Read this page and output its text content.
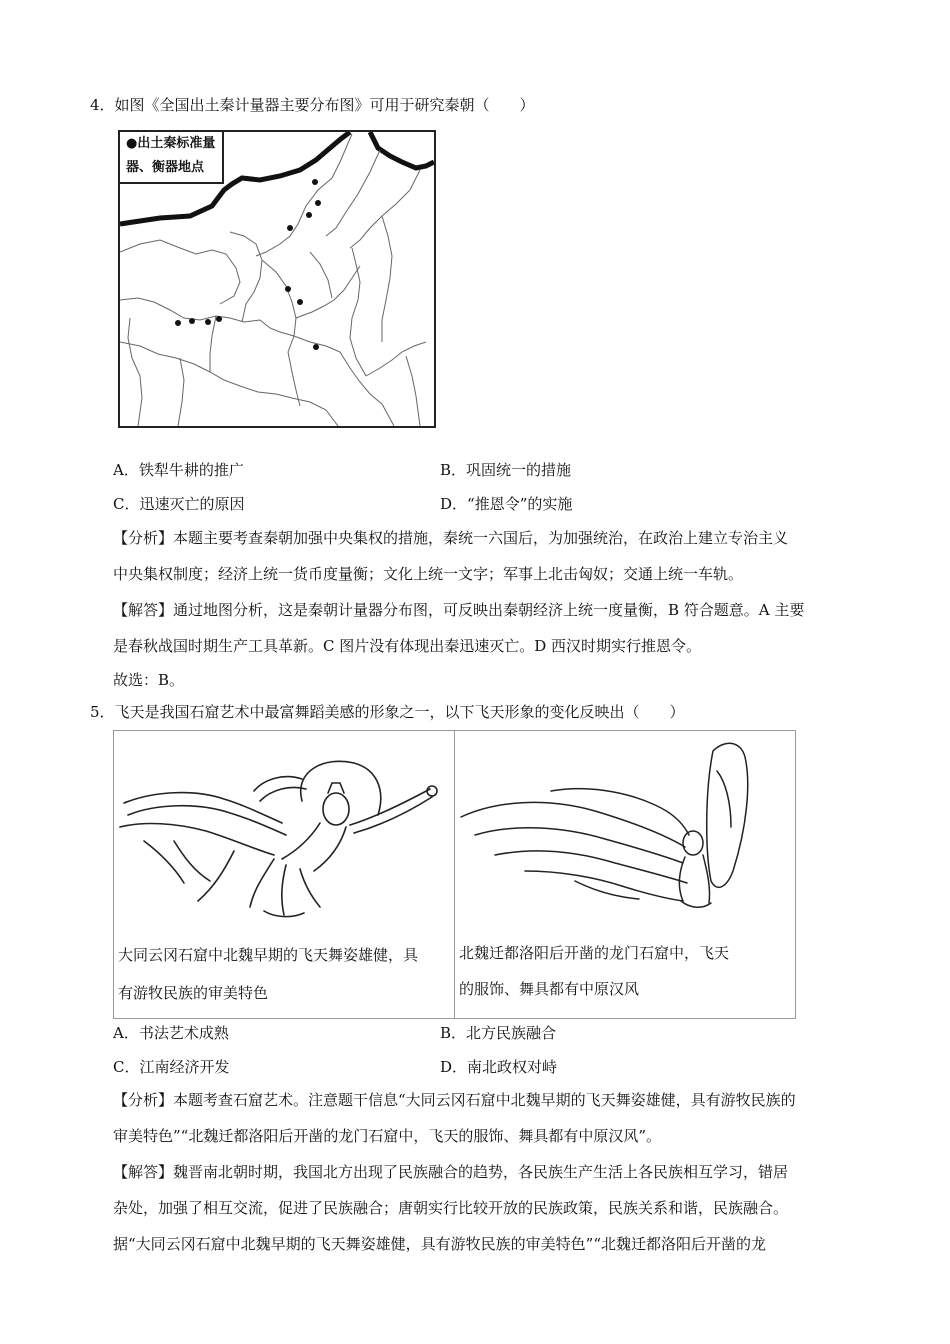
4．如图《全国出土秦计量器主要分布图》可用于研究秦朝（　　）
●出土秦标准量
器、衡器地点
A．铁犁牛耕的推广	B．巩固统一的措施
C．迅速灭亡的原因	D．“推恩令”的实施
【分析】本题主要考查秦朝加强中央集权的措施，秦统一六国后，为加强统治，在政治上建立专治主义
中央集权制度；经济上统一货币度量衡；文化上统一文字；军事上北击匈奴；交通上统一车轨。
【解答】通过地图分析，这是秦朝计量器分布图，可反映出秦朝经济上统一度量衡，B 符合题意。A 主要
是春秋战国时期生产工具革新。C 图片没有体现出秦迅速灭亡。D 西汉时期实行推恩令。
故选：B。
5．飞天是我国石窟艺术中最富舞蹈美感的形象之一，以下飞天形象的变化反映出（　　）
大同云冈石窟中北魏早期的飞天舞姿雄健，具
有游牧民族的审美特色
北魏迁都洛阳后开凿的龙门石窟中，飞天
的服饰、舞具都有中原汉风
A．书法艺术成熟	B．北方民族融合
C．江南经济开发	D．南北政权对峙
【分析】本题考查石窟艺术。注意题干信息“大同云冈石窟中北魏早期的飞天舞姿雄健，具有游牧民族的
审美特色”“北魏迁都洛阳后开凿的龙门石窟中，飞天的服饰、舞具都有中原汉风”。
【解答】魏晋南北朝时期，我国北方出现了民族融合的趋势，各民族生产生活上各民族相互学习，错居
杂处，加强了相互交流，促进了民族融合；唐朝实行比较开放的民族政策，民族关系和谐，民族融合。
据“大同云冈石窟中北魏早期的飞天舞姿雄健，具有游牧民族的审美特色”“北魏迁都洛阳后开凿的龙
